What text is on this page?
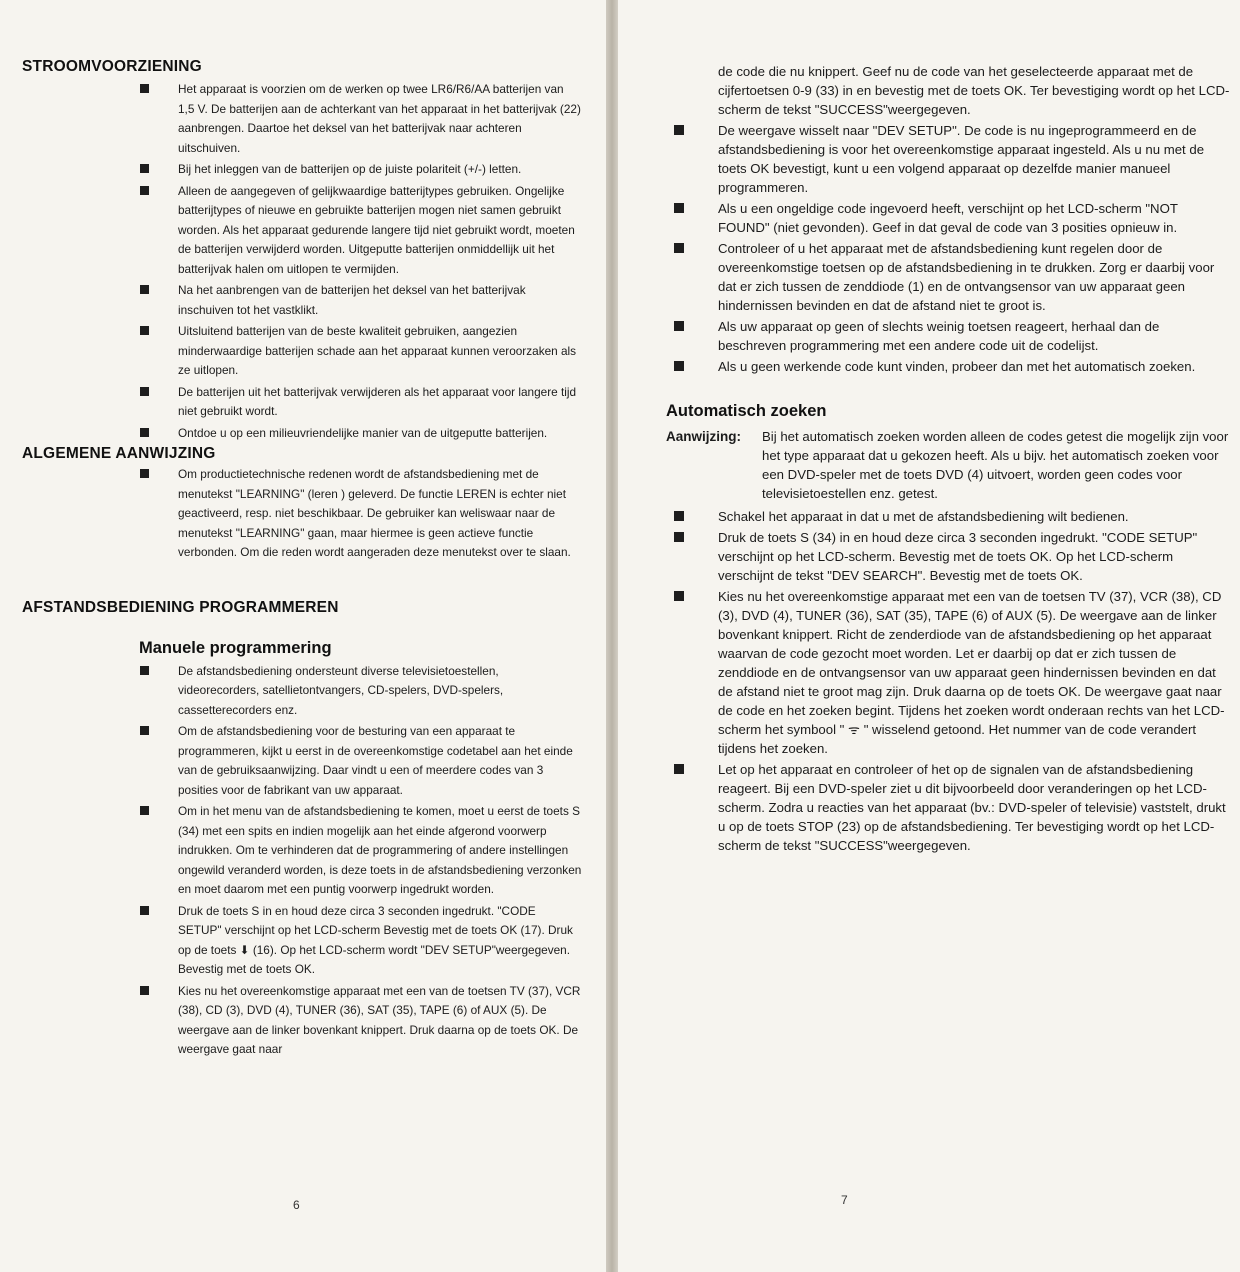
STROOMVOORZIENING
Het apparaat is voorzien om de werken op twee LR6/R6/AA batterijen van 1,5 V. De batterijen aan de achterkant van het apparaat in het batterijvak (22) aanbrengen. Daartoe het deksel van het batterijvak naar achteren uitschuiven.
Bij het inleggen van de batterijen op de juiste polariteit (+/-) letten.
Alleen de aangegeven of gelijkwaardige batterijtypes gebruiken. Ongelijke batterijtypes of nieuwe en gebruikte batterijen mogen niet samen gebruikt worden. Als het apparaat gedurende langere tijd niet gebruikt wordt, moeten de batterijen verwijderd worden. Uitgeputte batterijen onmiddellijk uit het batterijvak halen om uitlopen te vermijden.
Na het aanbrengen van de batterijen het deksel van het batterijvak inschuiven tot het vastklikt.
Uitsluitend batterijen van de beste kwaliteit gebruiken, aangezien minderwaardige batterijen schade aan het apparaat kunnen veroorzaken als ze uitlopen.
De batterijen uit het batterijvak verwijderen als het apparaat voor langere tijd niet gebruikt wordt.
Ontdoe u op een milieuvriendelijke manier van de uitgeputte batterijen.
ALGEMENE AANWIJZING
Om productietechnische redenen wordt de afstandsbediening met de menutekst "LEARNING" (leren ) geleverd. De functie LEREN is echter niet geactiveerd, resp. niet beschikbaar. De gebruiker kan weliswaar naar de menutekst "LEARNING" gaan, maar hiermee is geen actieve functie verbonden. Om die reden wordt aangeraden deze menutekst over te slaan.
AFSTANDSBEDIENING PROGRAMMEREN
Manuele programmering
De afstandsbediening ondersteunt diverse televisietoestellen, videorecorders, satellietontvangers, CD-spelers, DVD-spelers, cassetterecorders enz.
Om de afstandsbediening voor de besturing van een apparaat te programmeren, kijkt u eerst in de overeenkomstige codetabel aan het einde van de gebruiksaanwijzing. Daar vindt u een of meerdere codes van 3 posities voor de fabrikant van uw apparaat.
Om in het menu van de afstandsbediening te komen, moet u eerst de toets S (34) met een spits en indien mogelijk aan het einde afgerond voorwerp indrukken. Om te verhinderen dat de programmering of andere instellingen ongewild veranderd worden, is deze toets in de afstandsbediening verzonken en moet daarom met een puntig voorwerp ingedrukt worden.
Druk de toets S in en houd deze circa 3 seconden ingedrukt. "CODE SETUP" verschijnt op het LCD-scherm Bevestig met de toets OK (17). Druk op de toets ⬇ (16). Op het LCD-scherm wordt "DEV SETUP"weergegeven. Bevestig met de toets OK.
Kies nu het overeenkomstige apparaat met een van de toetsen TV (37), VCR (38), CD (3), DVD (4), TUNER (36), SAT (35), TAPE (6) of AUX (5). De weergave aan de linker bovenkant knippert. Druk daarna op de toets OK. De weergave gaat naar
6
de code die nu knippert. Geef nu de code van het geselecteerde apparaat met de cijfertoetsen 0-9 (33) in en bevestig met de toets OK. Ter bevestiging wordt op het LCD-scherm de tekst "SUCCESS"weergegeven.
De weergave wisselt naar "DEV SETUP". De code is nu ingeprogrammeerd en de afstandsbediening is voor het overeenkomstige apparaat ingesteld. Als u nu met de toets OK bevestigt, kunt u een volgend apparaat op dezelfde manier manueel programmeren.
Als u een ongeldige code ingevoerd heeft, verschijnt op het LCD-scherm "NOT FOUND" (niet gevonden). Geef in dat geval de code van 3 posities opnieuw in.
Controleer of u het apparaat met de afstandsbediening kunt regelen door de overeenkomstige toetsen op de afstandsbediening in te drukken. Zorg er daarbij voor dat er zich tussen de zenddiode (1) en de ontvangsensor van uw apparaat geen hindernissen bevinden en dat de afstand niet te groot is.
Als uw apparaat op geen of slechts weinig toetsen reageert, herhaal dan de beschreven programmering met een andere code uit de codelijst.
Als u geen werkende code kunt vinden, probeer dan met het automatisch zoeken.
Automatisch zoeken
Aanwijzing: Bij het automatisch zoeken worden alleen de codes getest die mogelijk zijn voor het type apparaat dat u gekozen heeft. Als u bijv. het automatisch zoeken voor een DVD-speler met de toets DVD (4) uitvoert, worden geen codes voor televisietoestellen enz. getest.
Schakel het apparaat in dat u met de afstandsbediening wilt bedienen.
Druk de toets S (34) in en houd deze circa 3 seconden ingedrukt. "CODE SETUP" verschijnt op het LCD-scherm. Bevestig met de toets OK. Op het LCD-scherm verschijnt de tekst "DEV SEARCH". Bevestig met de toets OK.
Kies nu het overeenkomstige apparaat met een van de toetsen TV (37), VCR (38), CD (3), DVD (4), TUNER (36), SAT (35), TAPE (6) of AUX (5). De weergave aan de linker bovenkant knippert. Richt de zenderdiode van de afstandsbediening op het apparaat waarvan de code gezocht moet worden. Let er daarbij op dat er zich tussen de zenddiode en de ontvangsensor van uw apparaat geen hindernissen bevinden en dat de afstand niet te groot mag zijn. Druk daarna op de toets OK. De weergave gaat naar de code en het zoeken begint. Tijdens het zoeken wordt onderaan rechts van het LCD-scherm het symbool " ᯤ " wisselend getoond. Het nummer van de code verandert tijdens het zoeken.
Let op het apparaat en controleer of het op de signalen van de afstandsbediening reageert. Bij een DVD-speler ziet u dit bijvoorbeeld door veranderingen op het LCD-scherm. Zodra u reacties van het apparaat (bv.: DVD-speler of televisie) vaststelt, drukt u op de toets STOP (23) op de afstandsbediening. Ter bevestiging wordt op het LCD-scherm de tekst "SUCCESS"weergegeven.
7
